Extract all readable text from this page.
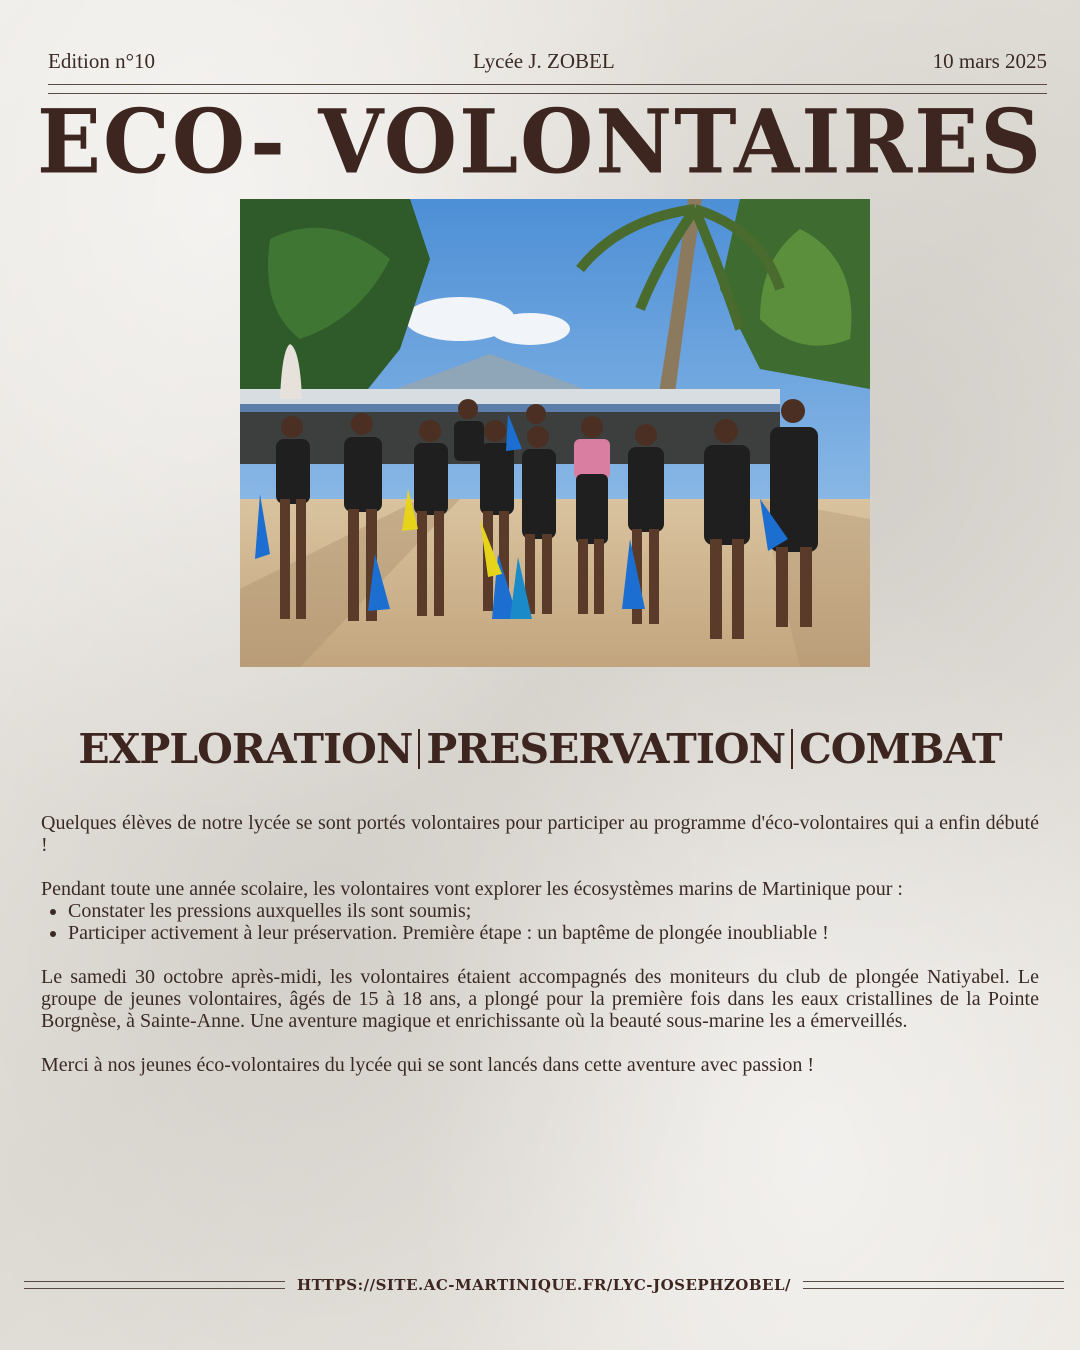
Edition n°10	Lycée J. ZOBEL	10 mars 2025
ECO- VOLONTAIRES
EXPLORATION PRESERVATION COMBAT

Quelques élèves de notre lycée se sont portés volontaires pour participer au programme d'éco-volontaires qui a enfin débuté !

Pendant toute une année scolaire, les volontaires vont explorer les écosystèmes marins de Martinique pour :
• Constater les pressions auxquelles ils sont soumis;
• Participer activement à leur préservation. Première étape : un baptême de plongée inoubliable !

Le samedi 30 octobre après-midi, les volontaires étaient accompagnés des moniteurs du club de plongée Natiyabel. Le groupe de jeunes volontaires, âgés de 15 à 18 ans, a plongé pour la première fois dans les eaux cristallines de la Pointe Borgnèse, à Sainte-Anne. Une aventure magique et enrichissante où la beauté sous-marine les a émerveillés.

Merci à nos jeunes éco-volontaires du lycée qui se sont lancés dans cette aventure avec passion !

HTTPS://SITE.AC-MARTINIQUE.FR/LYC-JOSEPHZOBEL/
